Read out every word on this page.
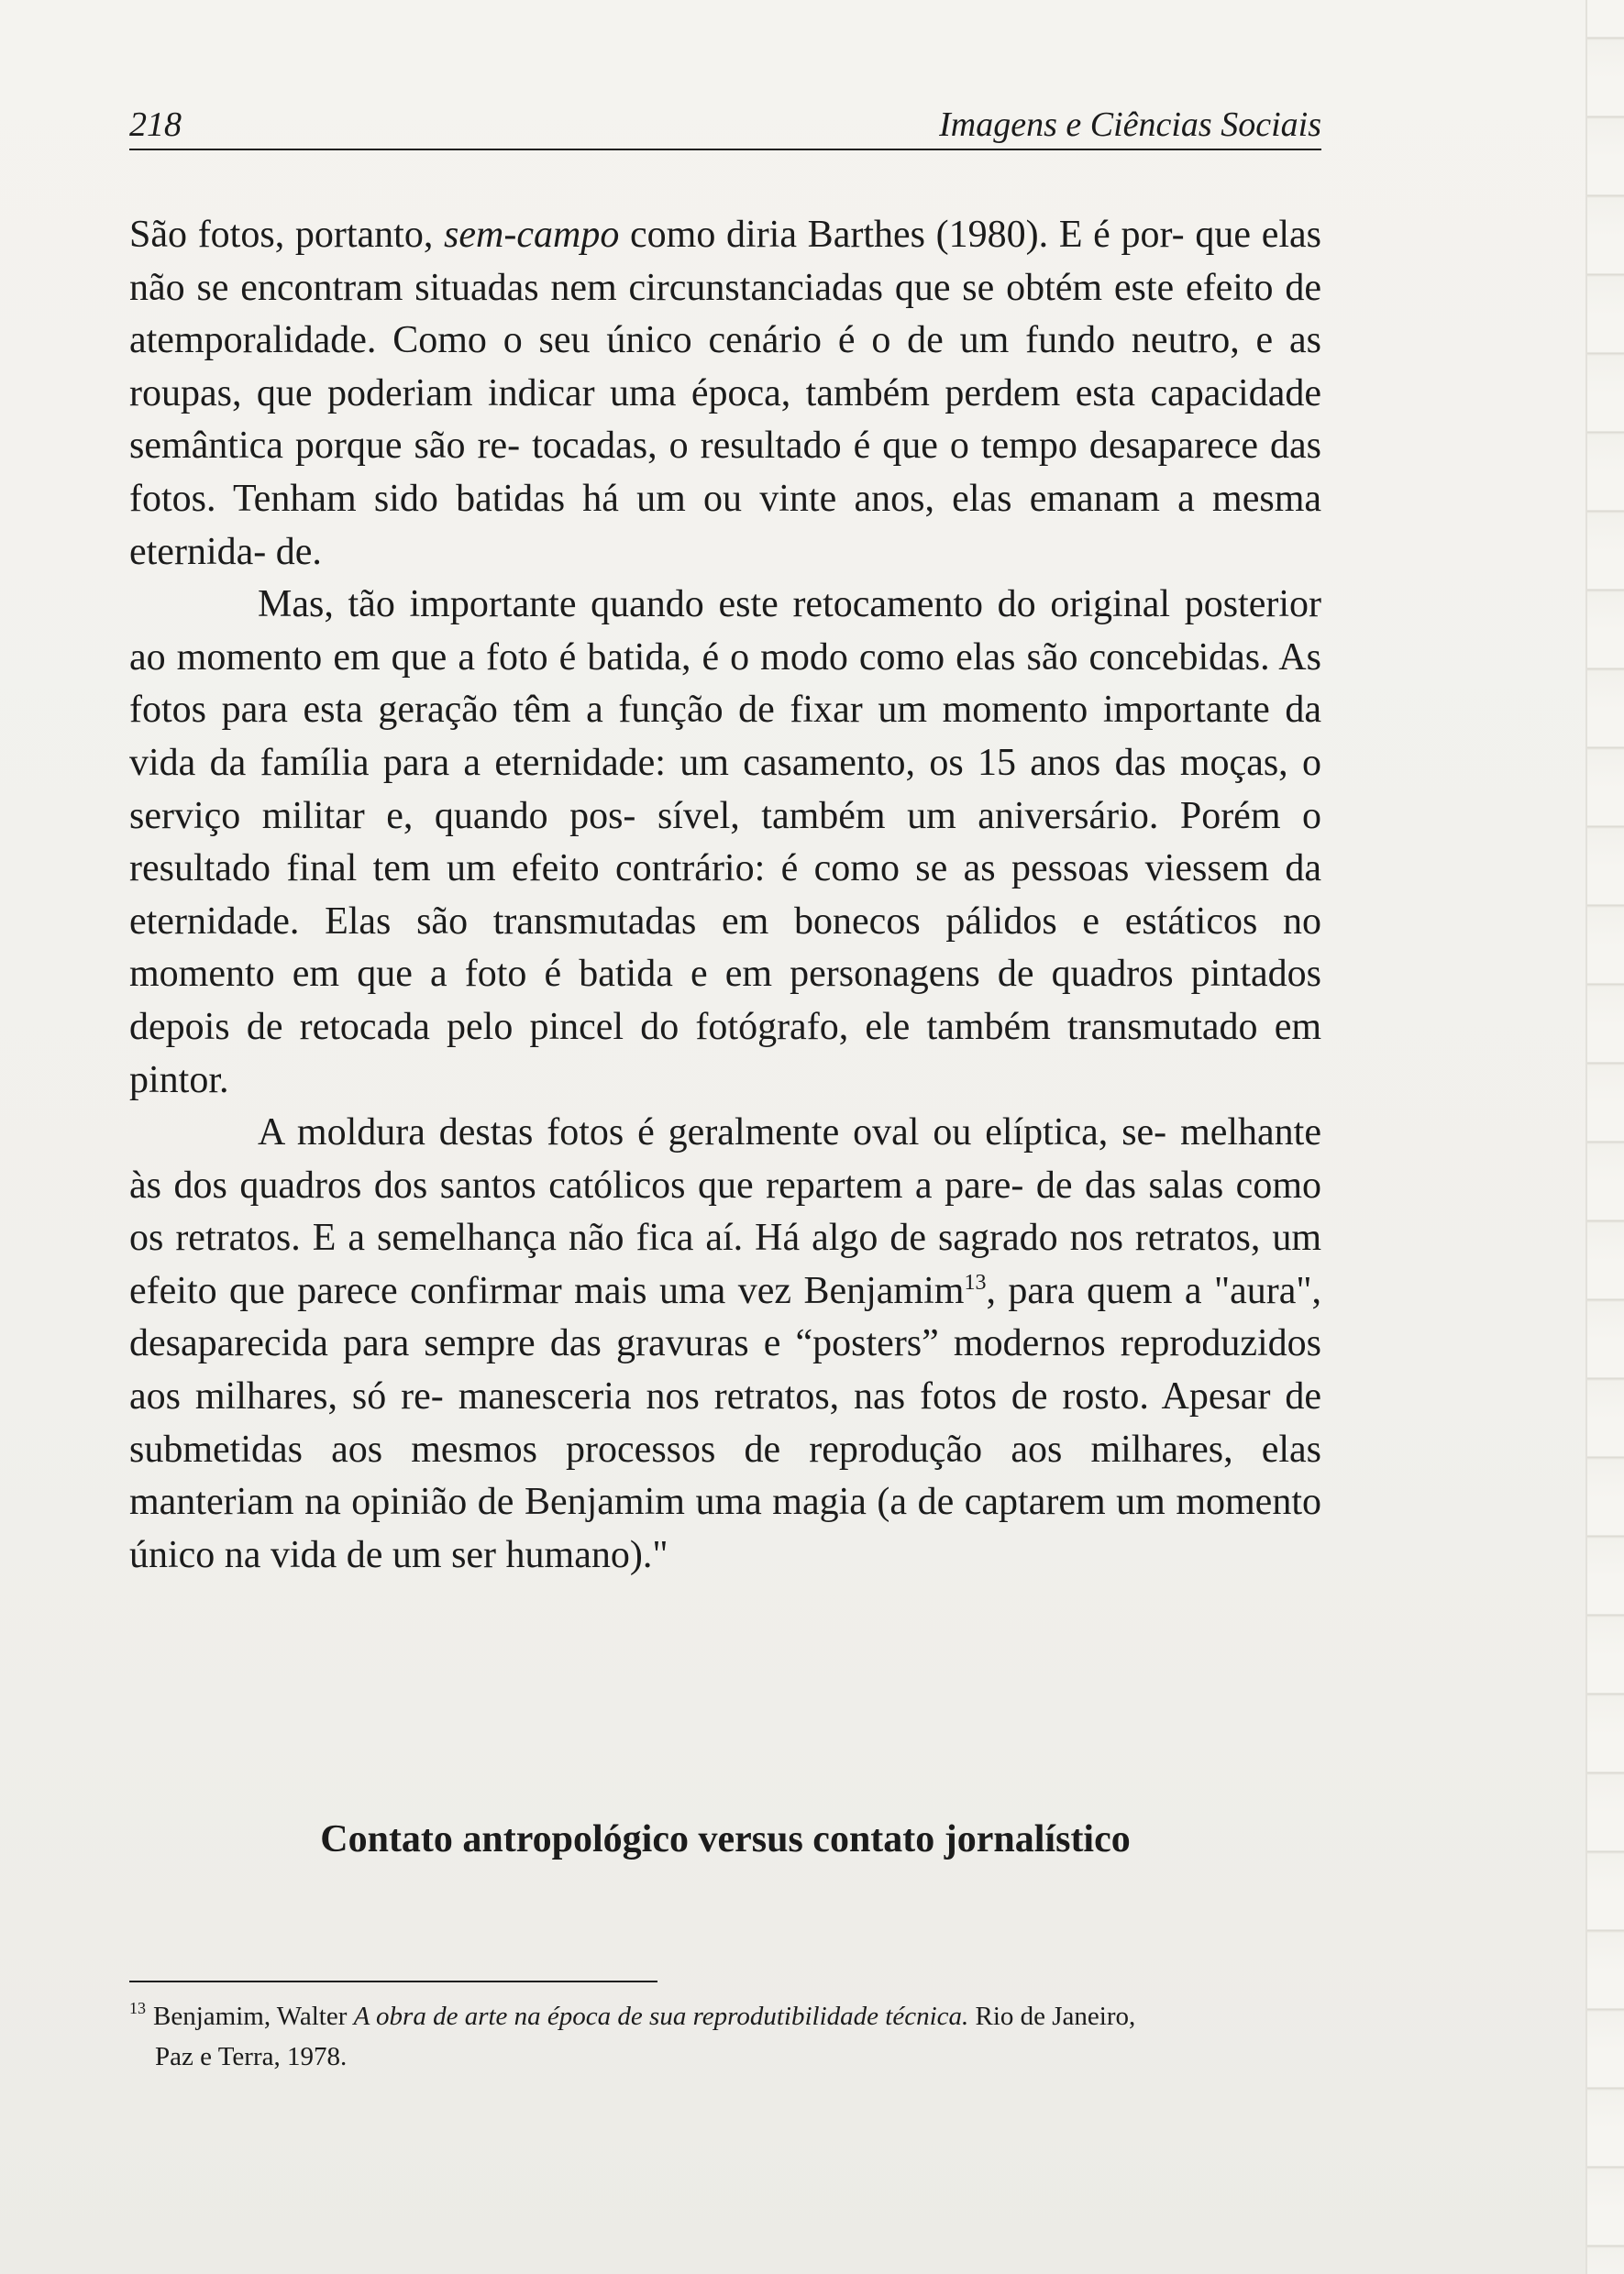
218	Imagens e Ciências Sociais

São fotos, portanto, sem-campo como diria Barthes (1980). E é por- que elas não se encontram situadas nem circunstanciadas que se obtém este efeito de atemporalidade. Como o seu único cenário é o de um fundo neutro, e as roupas, que poderiam indicar uma época, também perdem esta capacidade semântica porque são re- tocadas, o resultado é que o tempo desaparece das fotos. Tenham sido batidas há um ou vinte anos, elas emanam a mesma eternida- de.

Mas, tão importante quando este retocamento do original posterior ao momento em que a foto é batida, é o modo como elas são concebidas. As fotos para esta geração têm a função de fixar um momento importante da vida da família para a eternidade: um casamento, os 15 anos das moças, o serviço militar e, quando pos- sível, também um aniversário. Porém o resultado final tem um efeito contrário: é como se as pessoas viessem da eternidade. Elas são transmutadas em bonecos pálidos e estáticos no momento em que a foto é batida e em personagens de quadros pintados depois de retocada pelo pincel do fotógrafo, ele também transmutado em pintor.

A moldura destas fotos é geralmente oval ou elíptica, se- melhante às dos quadros dos santos católicos que repartem a pare- de das salas como os retratos. E a semelhança não fica aí. Há algo de sagrado nos retratos, um efeito que parece confirmar mais uma vez Benjamim$^{13}$, para quem a "aura", desaparecida para sempre das gravuras e “posters” modernos reproduzidos aos milhares, só re- manesceria nos retratos, nas fotos de rosto. Apesar de submetidas aos mesmos processos de reprodução aos milhares, elas manteriam na opinião de Benjamim uma magia (a de captarem um momento único na vida de um ser humano)."

Contato antropológico versus contato jornalístico
$^{13}$ Benjamim, Walter A obra de arte na época de sua reprodutibilidade técnica. Rio de Janeiro,
Paz e Terra, 1978.
